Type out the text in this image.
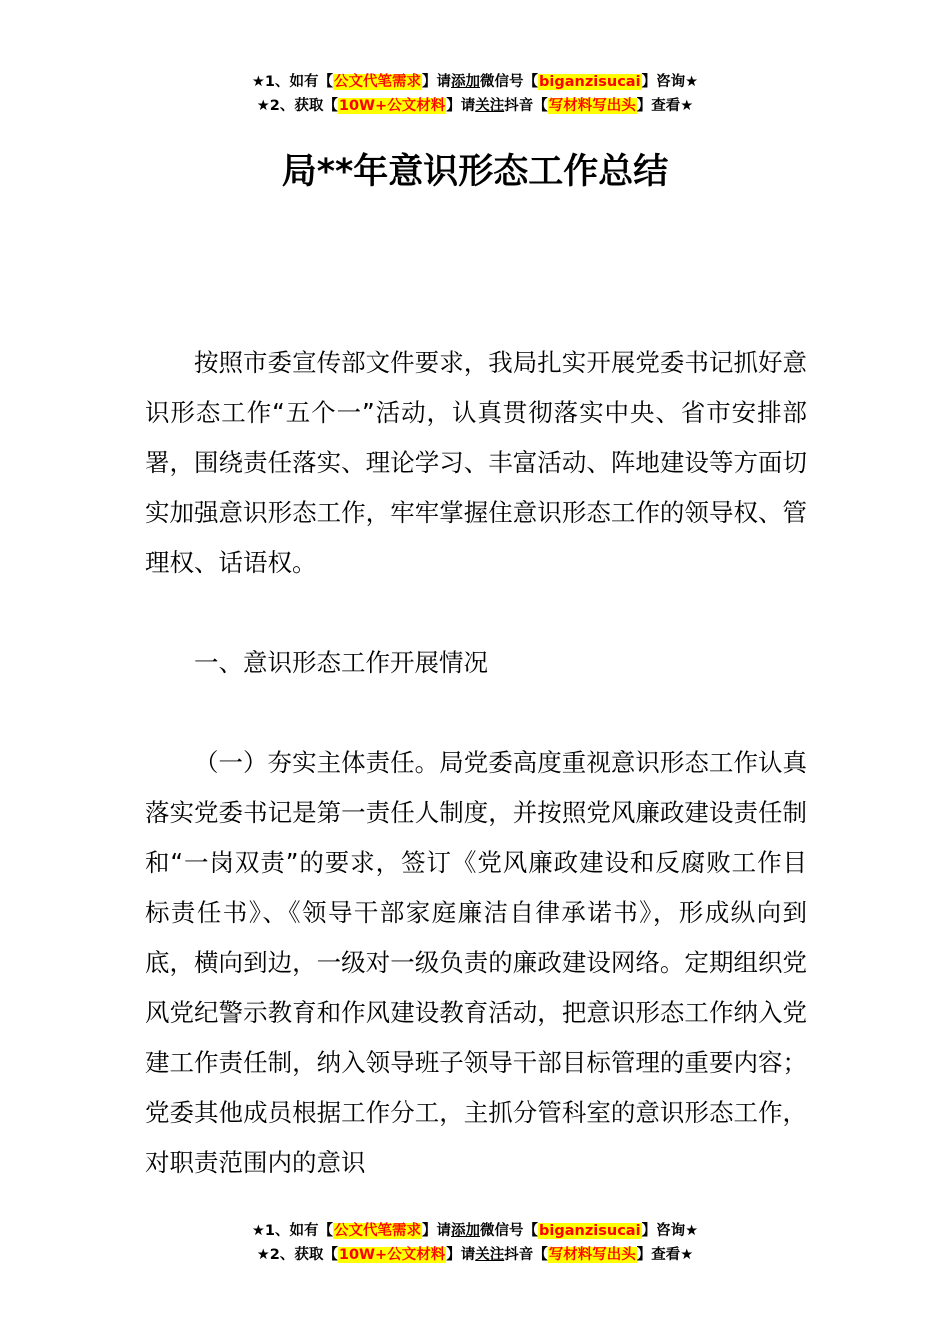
★1、如有【公文代笔需求】请添加微信号【biganzisucai】咨询★
★2、获取【10W+公文材料】请关注抖音【写材料写出头】查看★
局**年意识形态工作总结

按照市委宣传部文件要求，我局扎实开展党委书记抓好意识形态工作“五个一”活动，认真贯彻落实中央、省市安排部署，围绕责任落实、理论学习、丰富活动、阵地建设等方面切实加强意识形态工作，牢牢掌握住意识形态工作的领导权、管理权、话语权。

一、意识形态工作开展情况

（一）夯实主体责任。局党委高度重视意识形态工作认真落实党委书记是第一责任人制度，并按照党风廉政建设责任制和“一岗双责”的要求，签订《党风廉政建设和反腐败工作目标责任书》、《领导干部家庭廉洁自律承诺书》，形成纵向到底，横向到边，一级对一级负责的廉政建设网络。定期组织党风党纪警示教育和作风建设教育活动，把意识形态工作纳入党建工作责任制，纳入领导班子领导干部目标管理的重要内容；党委其他成员根据工作分工，主抓分管科室的意识形态工作，对职责范围内的意识

★1、如有【公文代笔需求】请添加微信号【biganzisucai】咨询★
★2、获取【10W+公文材料】请关注抖音【写材料写出头】查看★
